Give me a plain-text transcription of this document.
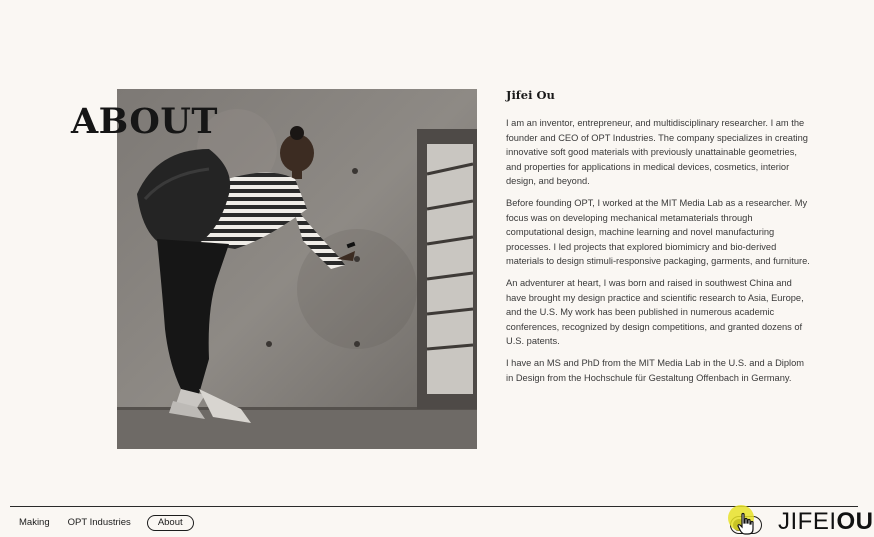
ABOUT
Jifei Ou

I am an inventor, entrepreneur, and multidisciplinary researcher. I am the founder and CEO of OPT Industries. The company specializes in creating innovative soft good materials with previously unattainable geometries, and properties for applications in medical devices, cosmetics, interior design, and beyond.

Before founding OPT, I worked at the MIT Media Lab as a researcher. My focus was on developing mechanical metamaterials through computational design, machine learning and novel manufacturing processes. I led projects that explored biomimicry and bio-derived materials to design stimuli-responsive packaging, garments, and furniture.

An adventurer at heart, I was born and raised in southwest China and have brought my design practice and scientific research to Asia, Europe, and the U.S. My work has been published in numerous academic conferences, recognized by design competitions, and granted dozens of U.S. patents.

I have an MS and PhD from the MIT Media Lab in the U.S. and a Diplom in Design from the Hochschule für Gestaltung Offenbach in Germany.

Making	OPT Industries	About	JIFEIOU
